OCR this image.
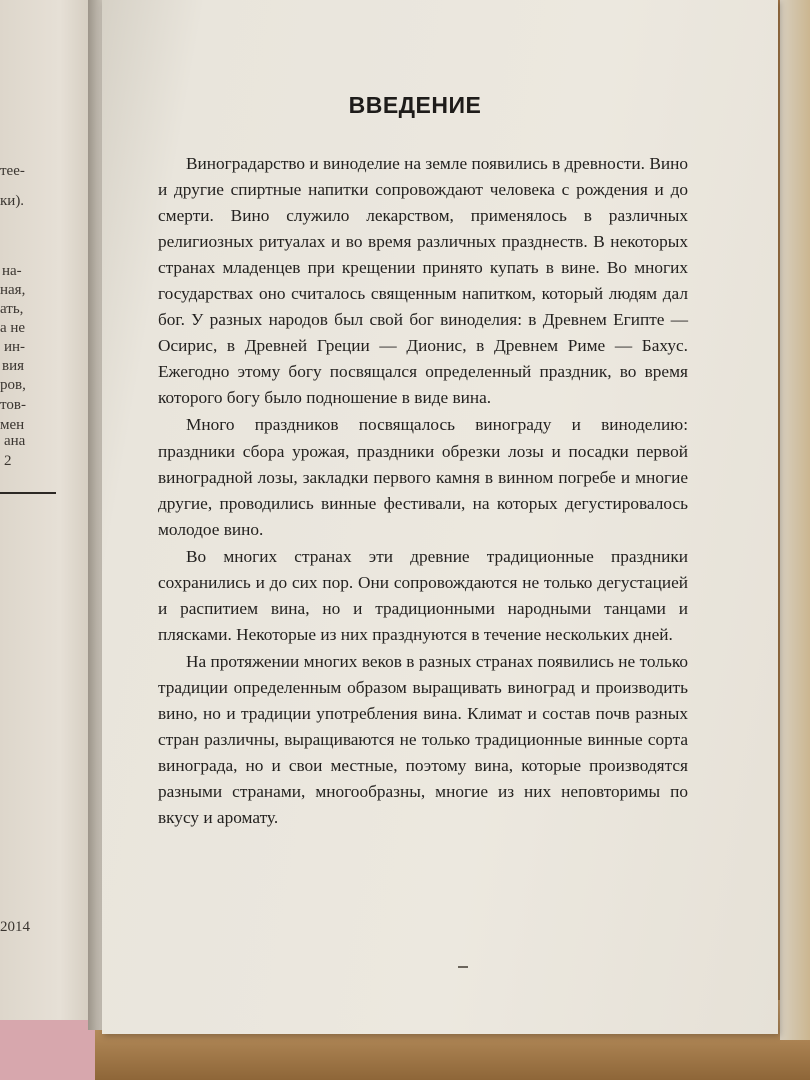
тее-
ки).
на-
ная,
ать,
а не
ин-
вия
ров,
тов-
мен
ана
2
2014
ВВЕДЕНИЕ

Виноградарство и виноделие на земле появились в древности. Вино и другие спиртные напитки сопровождают человека с рождения и до смерти. Вино служило лекарством, применялось в различных религиозных ритуалах и во время различных празднеств. В некоторых странах младенцев при крещении принято купать в вине. Во многих государствах оно считалось священным напитком, который людям дал бог. У разных народов был свой бог виноделия: в Древнем Египте — Осирис, в Древней Греции — Дионис, в Древнем Риме — Бахус. Ежегодно этому богу посвящался определенный праздник, во время которого богу было подношение в виде вина.

Много праздников посвящалось винограду и виноделию: праздники сбора урожая, праздники обрезки лозы и посадки первой виноградной лозы, закладки первого камня в винном погребе и многие другие, проводились винные фестивали, на которых дегустировалось молодое вино.

Во многих странах эти древние традиционные праздники сохранились и до сих пор. Они сопровождаются не только дегустацией и распитием вина, но и традиционными народными танцами и плясками. Некоторые из них празднуются в течение нескольких дней.

На протяжении многих веков в разных странах появились не только традиции определенным образом выращивать виноград и производить вино, но и традиции употребления вина. Климат и состав почв разных стран различны, выращиваются не только традиционные винные сорта винограда, но и свои местные, поэтому вина, которые производятся разными странами, многообразны, многие из них неповторимы по вкусу и аромату.
